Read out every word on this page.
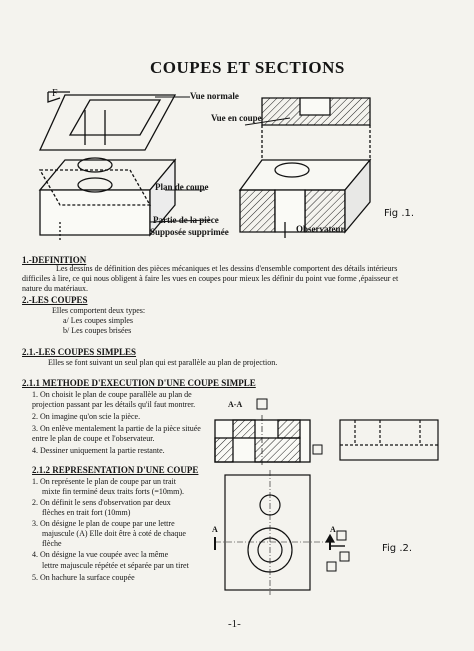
COUPES ET SECTIONS
F	Vue normale
Vue en coupe
Plan de coupe
Partie de la pièce
Supposée supprimée	Observateur
Fig .1.
1.-DEFINITION
Les dessins de définition des pièces mécaniques et les dessins d'ensemble comportent des détails intérieurs difficiles à lire, ce qui nous obligent à faire les vues en coupes pour mieux les définir du point vue forme ,épaisseur et nature du matériaux.
2.-LES COUPES
Elles comportent deux types:
a/ Les coupes simples
b/ Les coupes brisées
2.1.-LES COUPES SIMPLES
Elles se font suivant un seul plan qui est parallèle au plan de projection.
2.1.1 METHODE D'EXECUTION D'UNE COUPE SIMPLE
1. On choisit le plan de coupe parallèle au plan de
projection passant par les détails qu'il faut montrer.
2. On imagine qu'on scie la pièce.
3. On enlève mentalement la partie de la pièce située
entre le plan de coupe et l'observateur.
4. Dessiner uniquement la partie restante.
2.1.2 REPRESENTATION D'UNE COUPE
1. On représente le plan de coupe par un trait
mixte fin terminé deux traits forts (=10mm).
2. On définit le sens d'observation par deux
flèches en trait fort (10mm)
3. On désigne le plan de coupe par une lettre
majuscule (A) Elle doit être à coté de chaque
flèche
4. On désigne la vue coupée avec la même
lettre majuscule répétée et séparée par un tiret
5. On hachure la surface coupée
A-A
A	A
Fig .2.
-1-
